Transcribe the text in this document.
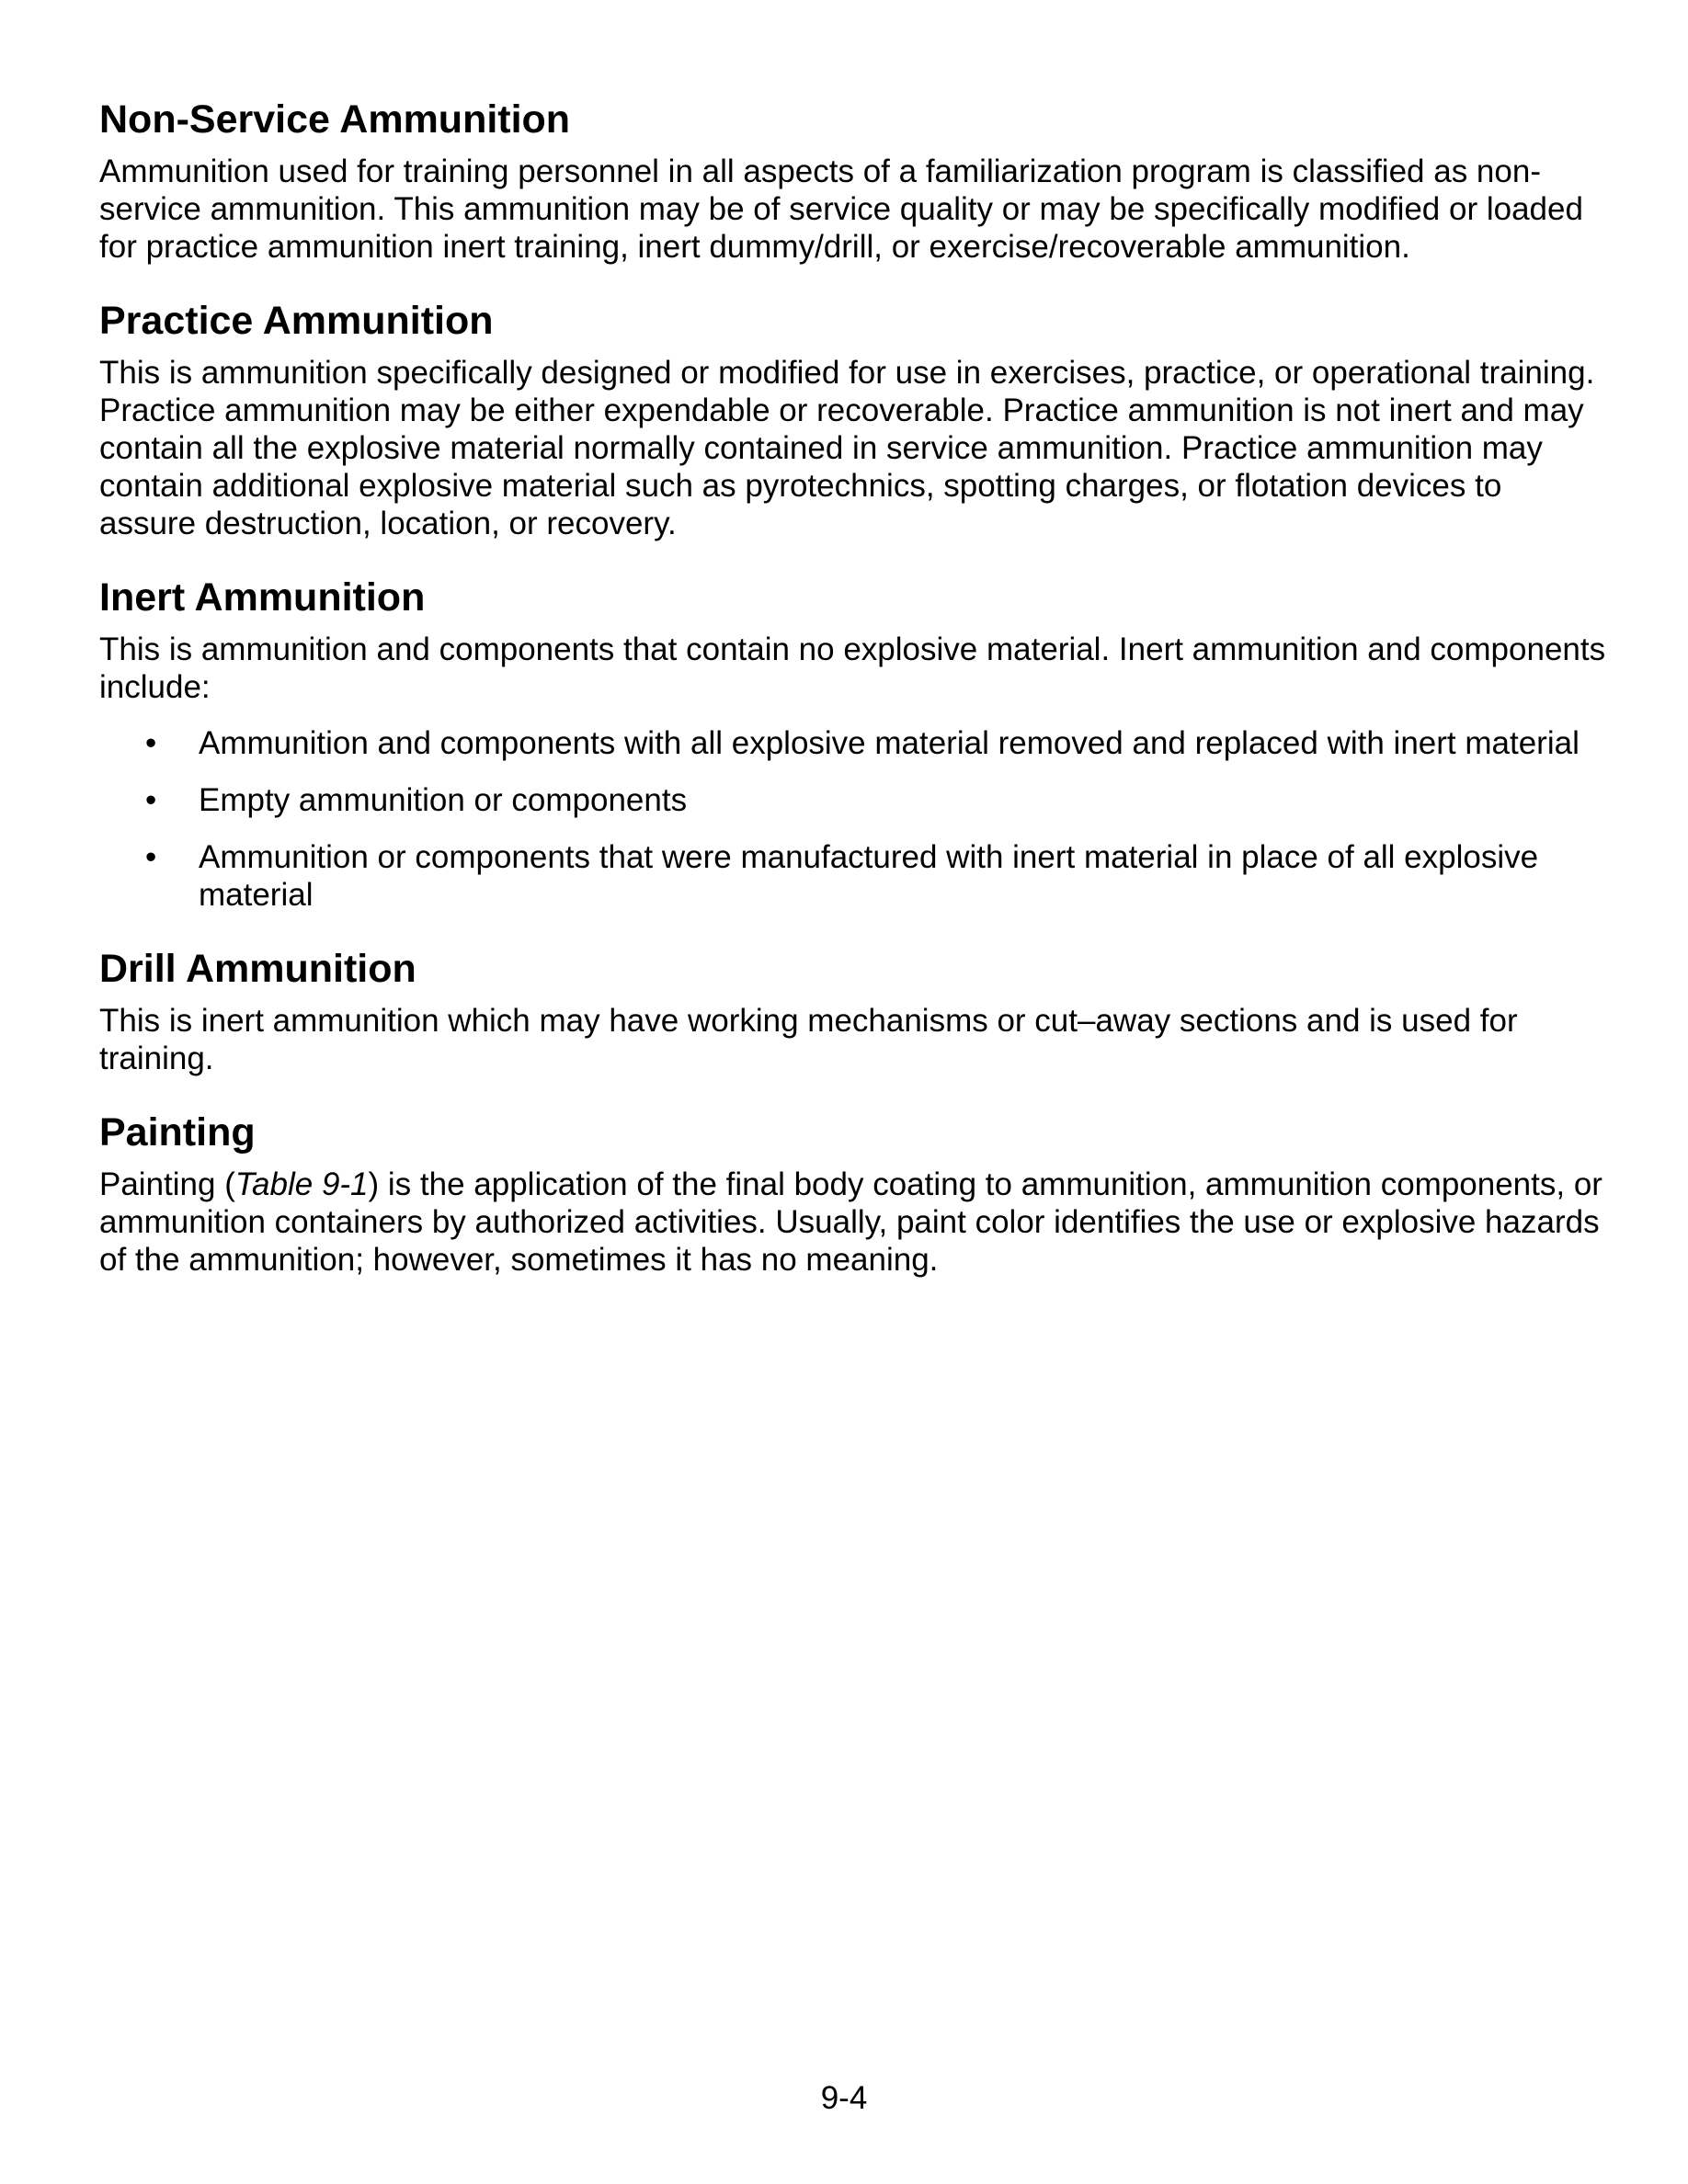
Non-Service Ammunition

Ammunition used for training personnel in all aspects of a familiarization program is classified as non-service ammunition. This ammunition may be of service quality or may be specifically modified or loaded for practice ammunition inert training, inert dummy/drill, or exercise/recoverable ammunition.

Practice Ammunition

This is ammunition specifically designed or modified for use in exercises, practice, or operational training. Practice ammunition may be either expendable or recoverable. Practice ammunition is not inert and may contain all the explosive material normally contained in service ammunition. Practice ammunition may contain additional explosive material such as pyrotechnics, spotting charges, or flotation devices to assure destruction, location, or recovery.

Inert Ammunition

This is ammunition and components that contain no explosive material. Inert ammunition and components include:

• Ammunition and components with all explosive material removed and replaced with inert material
• Empty ammunition or components
• Ammunition or components that were manufactured with inert material in place of all explosive material
Drill Ammunition

This is inert ammunition which may have working mechanisms or cut–away sections and is used for training.

Painting

Painting (Table 9-1) is the application of the final body coating to ammunition, ammunition components, or ammunition containers by authorized activities. Usually, paint color identifies the use or explosive hazards of the ammunition; however, sometimes it has no meaning.

9-4
